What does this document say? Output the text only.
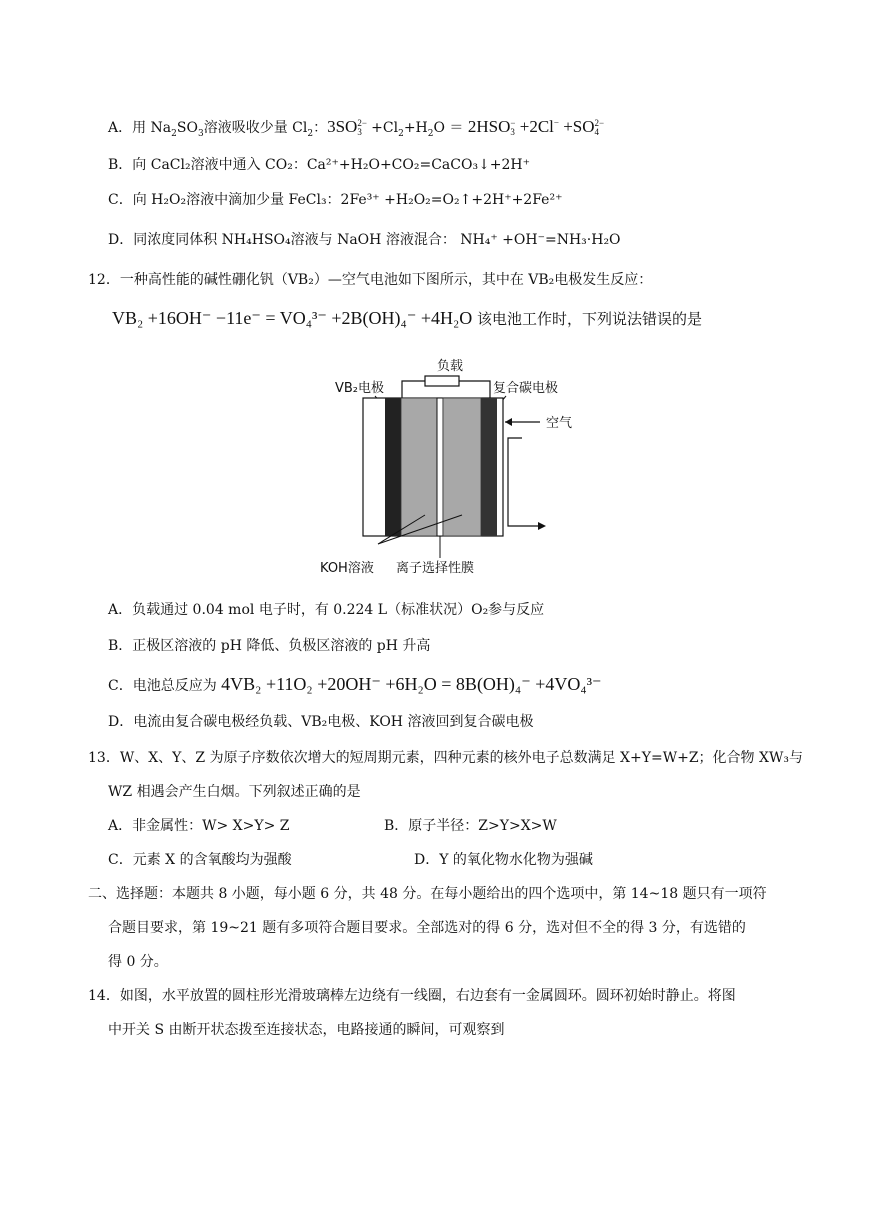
A．用 $Na_2SO_3$溶液吸收少量 $Cl_2$：3SO 2−
$3 +Cl_2+H_2O = 2HSO$ −
3 +2Cl− +SO 2−
4
B．向 CaCl₂溶液中通入 CO₂：Ca²⁺+H₂O+CO₂=CaCO₃↓+2H⁺
C．向 H₂O₂溶液中滴加少量 FeCl₃：2Fe³⁺ +H₂O₂=O₂↑+2H⁺+2Fe²⁺
D．同浓度同体积 NH₄HSO₄溶液与 NaOH 溶液混合： NH₄⁺ +OH⁻=NH₃·H₂O
12．一种高性能的碱性硼化钒（VB₂）—空气电池如下图所示，其中在 VB₂电极发生反应：
VB₂ +16OH⁻ −11e⁻ = VO₄³⁻ +2B(OH)₄⁻ +4H₂O 该电池工作时，下列说法错误的是
负载
VB₂电极	复合碳电极
空气
KOH溶液 离子选择性膜
A．负载通过 0.04 mol 电子时，有 0.224 L（标准状况）O₂参与反应
B．正极区溶液的 pH 降低、负极区溶液的 pH 升高
C．电池总反应为 4VB₂ +11O₂ +20OH⁻ +6H₂O = 8B(OH)₄⁻ +4VO₄³⁻
D．电流由复合碳电极经负载、VB₂电极、KOH 溶液回到复合碳电极
13．W、X、Y、Z 为原子序数依次增大的短周期元素，四种元素的核外电子总数满足 X+Y=W+Z；化合物 XW₃与
WZ 相遇会产生白烟。下列叙述正确的是
A．非金属性：W> X>Y> Z	B．原子半径：Z>Y>X>W
C．元素 X 的含氧酸均为强酸	D．Y 的氧化物水化物为强碱
二、选择题：本题共 8 小题，每小题 6 分，共 48 分。在每小题给出的四个选项中，第 14~18 题只有一项符
合题目要求，第 19~21 题有多项符合题目要求。全部选对的得 6 分，选对但不全的得 3 分，有选错的
得 0 分。
14．如图，水平放置的圆柱形光滑玻璃棒左边绕有一线圈，右边套有一金属圆环。圆环初始时静止。将图
中开关 S 由断开状态拨至连接状态，电路接通的瞬间，可观察到
